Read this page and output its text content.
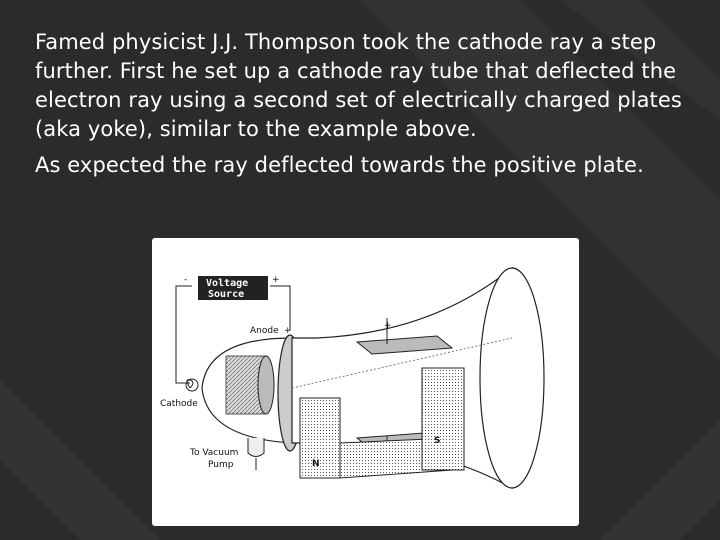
Famed physicist J.J. Thompson took the cathode ray a step further. First he set up a cathode ray tube that deflected the electron ray using a second set of electrically charged plates (aka yoke), similar to the example above.

As expected the ray deflected towards the positive plate.

Voltage
Source
-	+
+
N
S
Anode +
Cathode
To Vacuum
Pump
